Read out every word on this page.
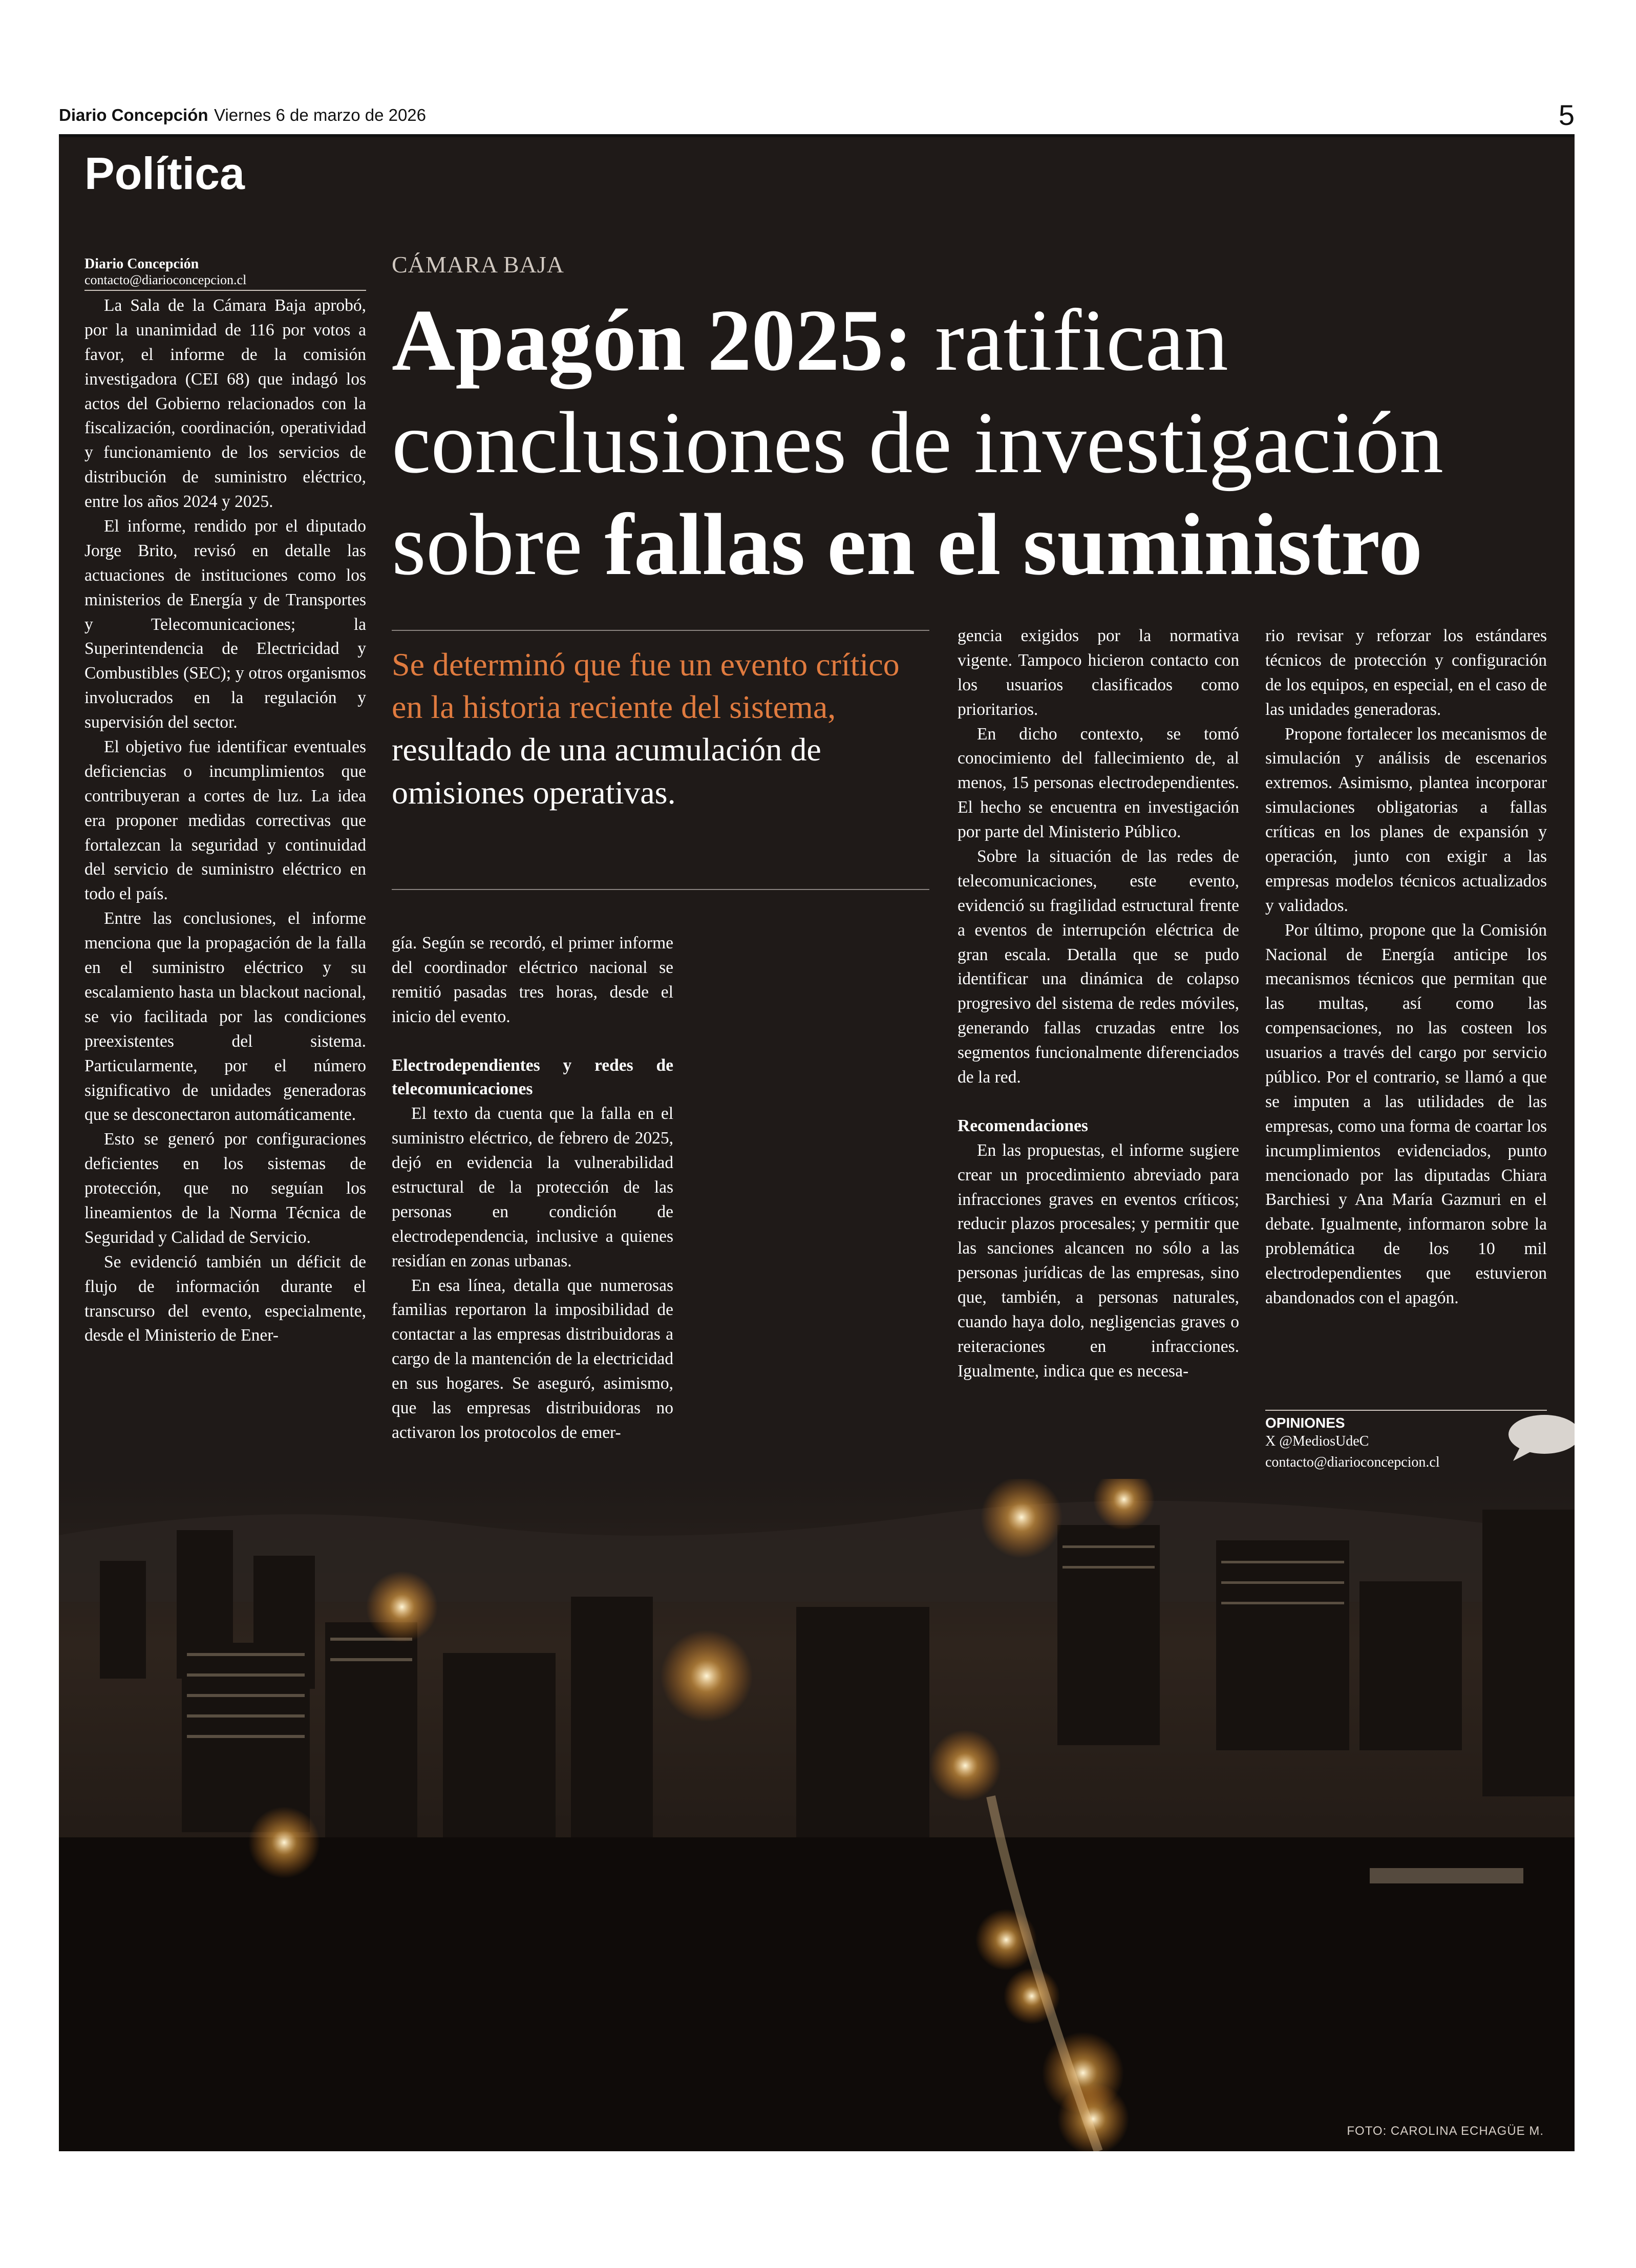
Diario Concepción Viernes 6 de marzo de 2026	5
Política
Diario Concepción
contacto@diarioconcepcion.cl

La Sala de la Cámara Baja aprobó, por la unanimidad de 116 por votos a favor, el informe de la comisión investigadora (CEI 68) que indagó los actos del Gobierno relacionados con la fiscalización, coordinación, operatividad y funcionamiento de los servicios de distribución de suministro eléctrico, entre los años 2024 y 2025.

El informe, rendido por el diputado Jorge Brito, revisó en detalle las actuaciones de instituciones como los ministerios de Energía y de Transportes y Telecomunicaciones; la Superintendencia de Electricidad y Combustibles (SEC); y otros organismos involucrados en la regulación y supervisión del sector.

El objetivo fue identificar eventuales deficiencias o incumplimientos que contribuyeran a cortes de luz. La idea era proponer medidas correctivas que fortalezcan la seguridad y continuidad del servicio de suministro eléctrico en todo el país.

Entre las conclusiones, el informe menciona que la propagación de la falla en el suministro eléctrico y su escalamiento hasta un blackout nacional, se vio facilitada por las condiciones preexistentes del sistema. Particularmente, por el número significativo de unidades generadoras que se desconectaron automáticamente.

Esto se generó por configuraciones deficientes en los sistemas de protección, que no seguían los lineamientos de la Norma Técnica de Seguridad y Calidad de Servicio.

Se evidenció también un déficit de flujo de información durante el transcurso del evento, especialmente, desde el Ministerio de Ener-

CÁMARA BAJA
Apagón 2025: ratifican conclusiones de investigación sobre fallas en el suministro

Se determinó que fue un evento crítico en la historia reciente del sistema, resultado de una acumulación de omisiones operativas.

gía. Según se recordó, el primer informe del coordinador eléctrico nacional se remitió pasadas tres horas, desde el inicio del evento.

Electrodependientes y redes de telecomunicaciones

El texto da cuenta que la falla en el suministro eléctrico, de febrero de 2025, dejó en evidencia la vulnerabilidad estructural de la protección de las personas en condición de electrodependencia, inclusive a quienes residían en zonas urbanas.

En esa línea, detalla que numerosas familias reportaron la imposibilidad de contactar a las empresas distribuidoras a cargo de la mantención de la electricidad en sus hogares. Se aseguró, asimismo, que las empresas distribuidoras no activaron los protocolos de emer-

gencia exigidos por la normativa vigente. Tampoco hicieron contacto con los usuarios clasificados como prioritarios.

En dicho contexto, se tomó conocimiento del fallecimiento de, al menos, 15 personas electrodependientes. El hecho se encuentra en investigación por parte del Ministerio Público.

Sobre la situación de las redes de telecomunicaciones, este evento, evidenció su fragilidad estructural frente a eventos de interrupción eléctrica de gran escala. Detalla que se pudo identificar una dinámica de colapso progresivo del sistema de redes móviles, generando fallas cruzadas entre los segmentos funcionalmente diferenciados de la red.

Recomendaciones

En las propuestas, el informe sugiere crear un procedimiento abreviado para infracciones graves en eventos críticos; reducir plazos procesales; y permitir que las sanciones alcancen no sólo a las personas jurídicas de las empresas, sino que, también, a personas naturales, cuando haya dolo, negligencias graves o reiteraciones en infracciones. Igualmente, indica que es necesa-

rio revisar y reforzar los estándares técnicos de protección y configuración de los equipos, en especial, en el caso de las unidades generadoras.

Propone fortalecer los mecanismos de simulación y análisis de escenarios extremos. Asimismo, plantea incorporar simulaciones obligatorias a fallas críticas en los planes de expansión y operación, junto con exigir a las empresas modelos técnicos actualizados y validados.

Por último, propone que la Comisión Nacional de Energía anticipe los mecanismos técnicos que permitan que las multas, así como las compensaciones, no las costeen los usuarios a través del cargo por servicio público. Por el contrario, se llamó a que se imputen a las utilidades de las empresas, como una forma de coartar los incumplimientos evidenciados, punto mencionado por las diputadas Chiara Barchiesi y Ana María Gazmuri en el debate. Igualmente, informaron sobre la problemática de los 10 mil electrodependientes que estuvieron abandonados con el apagón.

OPINIONES
X @MediosUdeC
contacto@diarioconcepcion.cl
FOTO: CAROLINA ECHAGÜE M.
